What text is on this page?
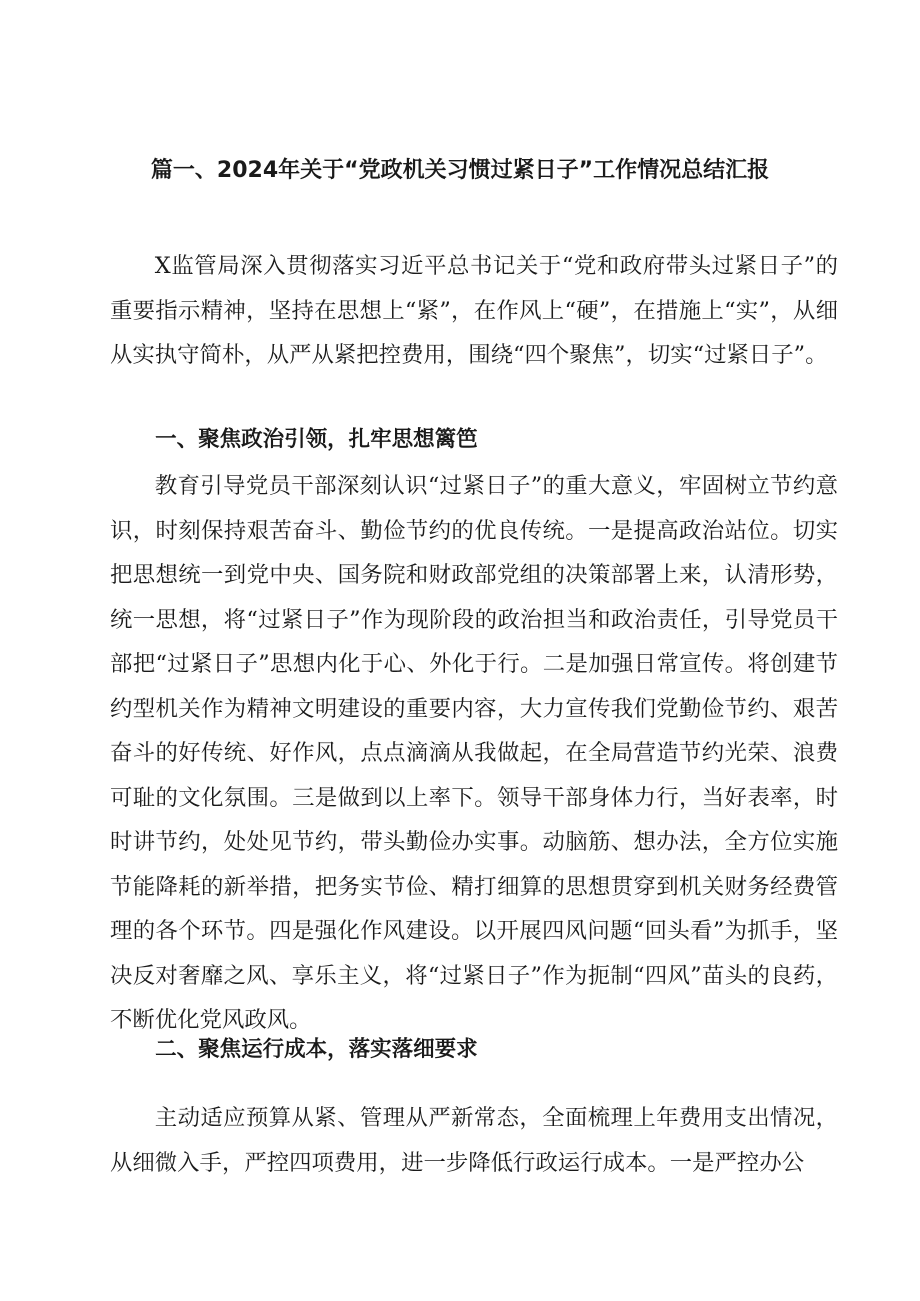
篇一、2024年关于“党政机关习惯过紧日子”工作情况总结汇报

X监管局深入贯彻落实习近平总书记关于“党和政府带头过紧日子”的重要指示精神，坚持在思想上“紧”，在作风上“硬”，在措施上“实”，从细从实执守简朴，从严从紧把控费用，围绕“四个聚焦”，切实“过紧日子”。

一、聚焦政治引领，扎牢思想篱笆

教育引导党员干部深刻认识“过紧日子”的重大意义，牢固树立节约意识，时刻保持艰苦奋斗、勤俭节约的优良传统。一是提高政治站位。切实把思想统一到党中央、国务院和财政部党组的决策部署上来，认清形势，统一思想，将“过紧日子”作为现阶段的政治担当和政治责任，引导党员干部把“过紧日子”思想内化于心、外化于行。二是加强日常宣传。将创建节约型机关作为精神文明建设的重要内容，大力宣传我们党勤俭节约、艰苦奋斗的好传统、好作风，点点滴滴从我做起，在全局营造节约光荣、浪费可耻的文化氛围。三是做到以上率下。领导干部身体力行，当好表率，时时讲节约，处处见节约，带头勤俭办实事。动脑筋、想办法，全方位实施节能降耗的新举措，把务实节俭、精打细算的思想贯穿到机关财务经费管理的各个环节。四是强化作风建设。以开展四风问题“回头看”为抓手，坚决反对奢靡之风、享乐主义，将“过紧日子”作为扼制“四风”苗头的良药，不断优化党风政风。

二、聚焦运行成本，落实落细要求

主动适应预算从紧、管理从严新常态，全面梳理上年费用支出情况，从细微入手，严控四项费用，进一步降低行政运行成本。一是严控办公
